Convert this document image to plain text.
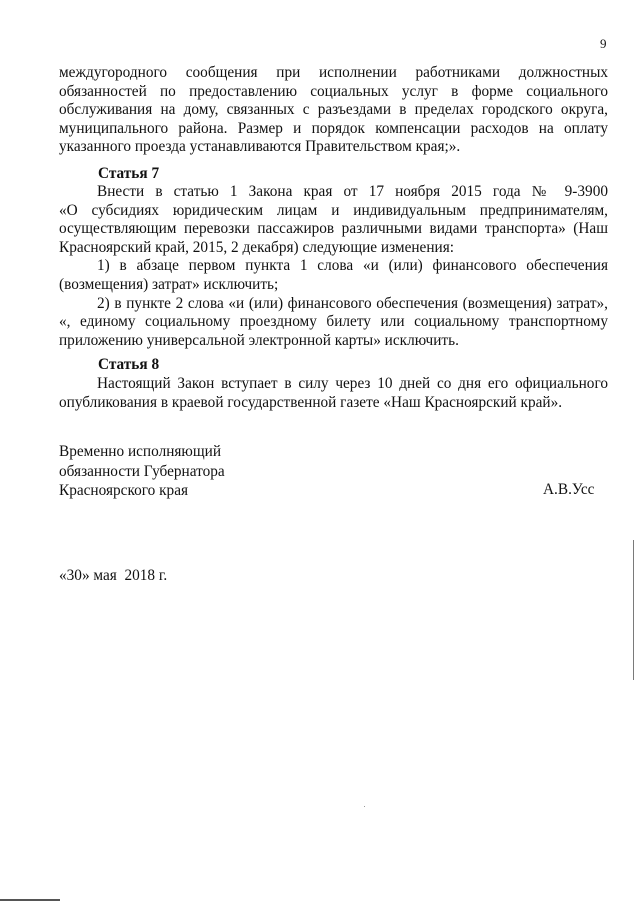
9

междугородного сообщения при исполнении работниками должностных

обязанностей по предоставлению социальных услуг в форме социального

обслуживания на дому, связанных с разъездами в пределах городского округа,

муниципального района. Размер и порядок компенсации расходов на оплату

указанного проезда устанавливаются Правительством края;».

Статья 7

Внести в статью 1 Закона края от 17 ноября 2015 года № 9-3900

«О субсидиях юридическим лицам и индивидуальным предпринимателям,

осуществляющим перевозки пассажиров различными видами транспорта» (Наш

Красноярский край, 2015, 2 декабря) следующие изменения:

1) в абзаце первом пункта 1 слова «и (или) финансового обеспечения

(возмещения) затрат» исключить;

2) в пункте 2 слова «и (или) финансового обеспечения (возмещения) затрат»,

«, единому социальному проездному билету или социальному транспортному

приложению универсальной электронной карты» исключить.

Статья 8

Настоящий Закон вступает в силу через 10 дней со дня его официального

опубликования в краевой государственной газете «Наш Красноярский край».

Временно исполняющий
обязанности Губернатора
Красноярского края	А.В.Усс
«30» мая  2018 г.
